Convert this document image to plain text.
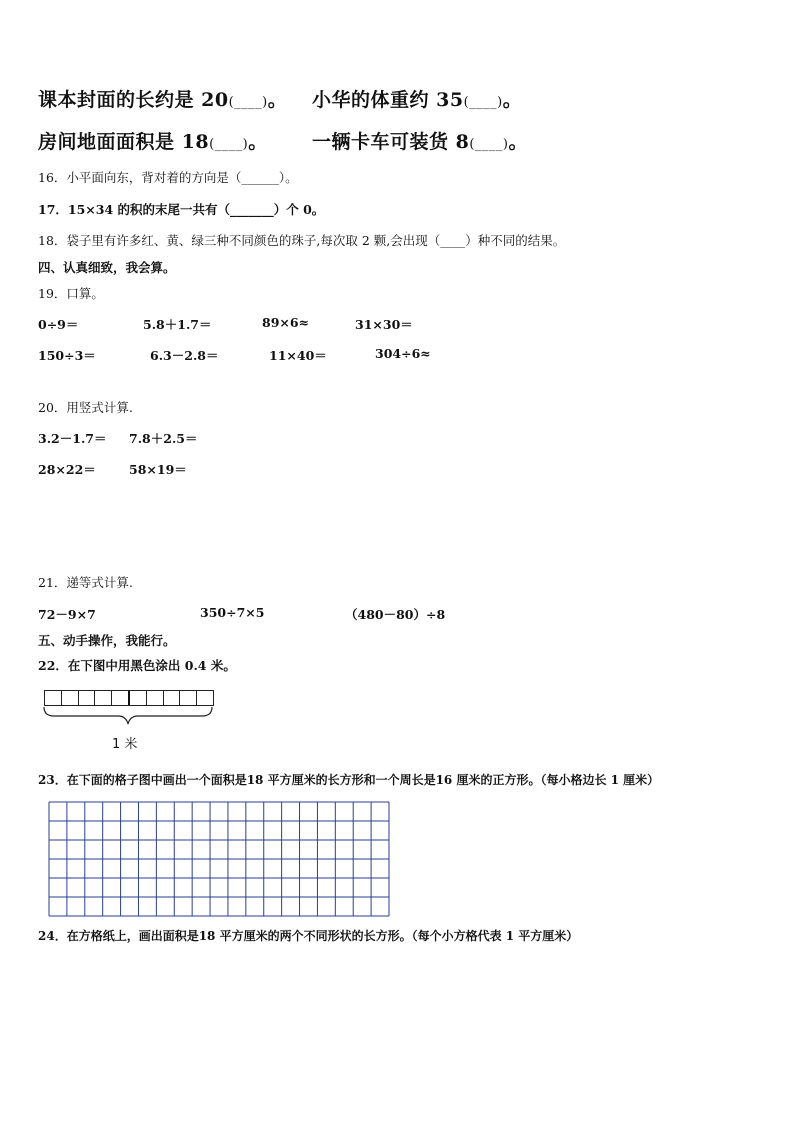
课本封面的长约是 20(____)。 小华的体重约 35(____)。
房间地面面积是 18(____)。 一辆卡车可装货 8(____)。
16．小平面向东，背对着的方向是（______）。
17．15×34 的积的末尾一共有（_______）个 0。
18．袋子里有许多红、黄、绿三种不同颜色的珠子,每次取 2 颗,会出现（____）种不同的结果。
四、认真细致，我会算。
19．口算。
0÷9＝	5.8＋1.7＝	89×6≈	31×30＝
150÷3＝	6.3－2.8＝	11×40＝	304÷6≈
20．用竖式计算.
3.2－1.7＝ 7.8＋2.5＝
28×22＝	58×19＝
21．递等式计算.
72－9×7	350÷7×5	（480－80）÷8
五、动手操作，我能行。
22．在下图中用黑色涂出 0.4 米。
1 米
23．在下面的格子图中画出一个面积是18 平方厘米的长方形和一个周长是16 厘米的正方形。（每小格边长 1 厘米）
24．在方格纸上，画出面积是18 平方厘米的两个不同形状的长方形。（每个小方格代表 1 平方厘米）
